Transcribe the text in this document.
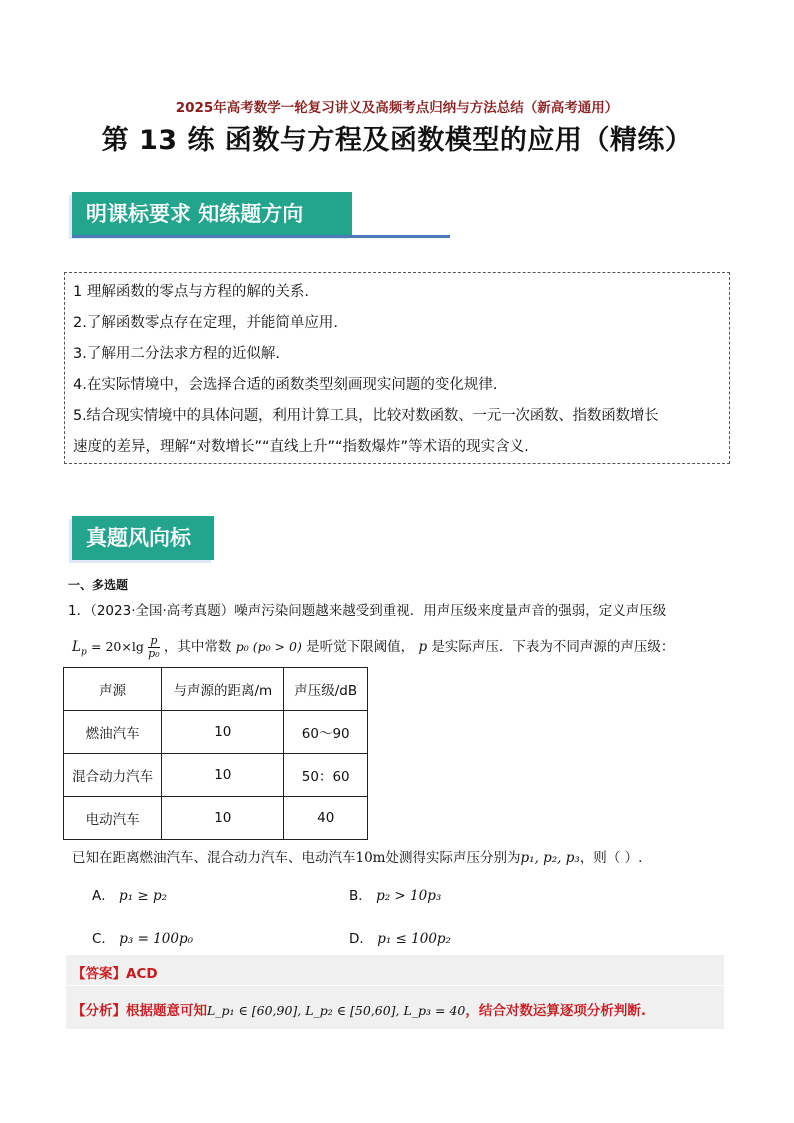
2025年高考数学一轮复习讲义及高频考点归纳与方法总结（新高考通用）
第 13 练 函数与方程及函数模型的应用（精练）
明课标要求 知练题方向

1 理解函数的零点与方程的解的关系.

2.了解函数零点存在定理，并能简单应用.

3.了解用二分法求方程的近似解.

4.在实际情境中，会选择合适的函数类型刻画现实问题的变化规律.

5.结合现实情境中的具体问题，利用计算工具，比较对数函数、一元一次函数、指数函数增长

速度的差异，理解“对数增长”“直线上升”“指数爆炸”等术语的现实含义.

真题风向标
一、多选题
1．（2023·全国·高考真题）噪声污染问题越来越受到重视．用声压级来度量声音的强弱，定义声压级
$L_p = 20\times\lg \frac{p}{\text{p₀}}$ ，其中常数 p₀ (p₀ > 0) 是听觉下限阈值， p 是实际声压．下表为不同声源的声压级：
声源	与声源的距离/m	声压级/dB
燃油汽车	10	60～90
混合动力汽车	10	50：60
电动汽车	10	40
已知在距离燃油汽车、混合动力汽车、电动汽车10m处测得实际声压分别为p₁, p₂, p₃，则（ ）.
A． p₁ ≥ p₂	B． p₂ > 10p₃
C． p₃ = 100p₀	D． p₁ ≤ 100p₂
【答案】ACD
【分析】根据题意可知L_p₁ ∈ [60,90], L_p₂ ∈ [50,60], L_p₃ = 40，结合对数运算逐项分析判断.
